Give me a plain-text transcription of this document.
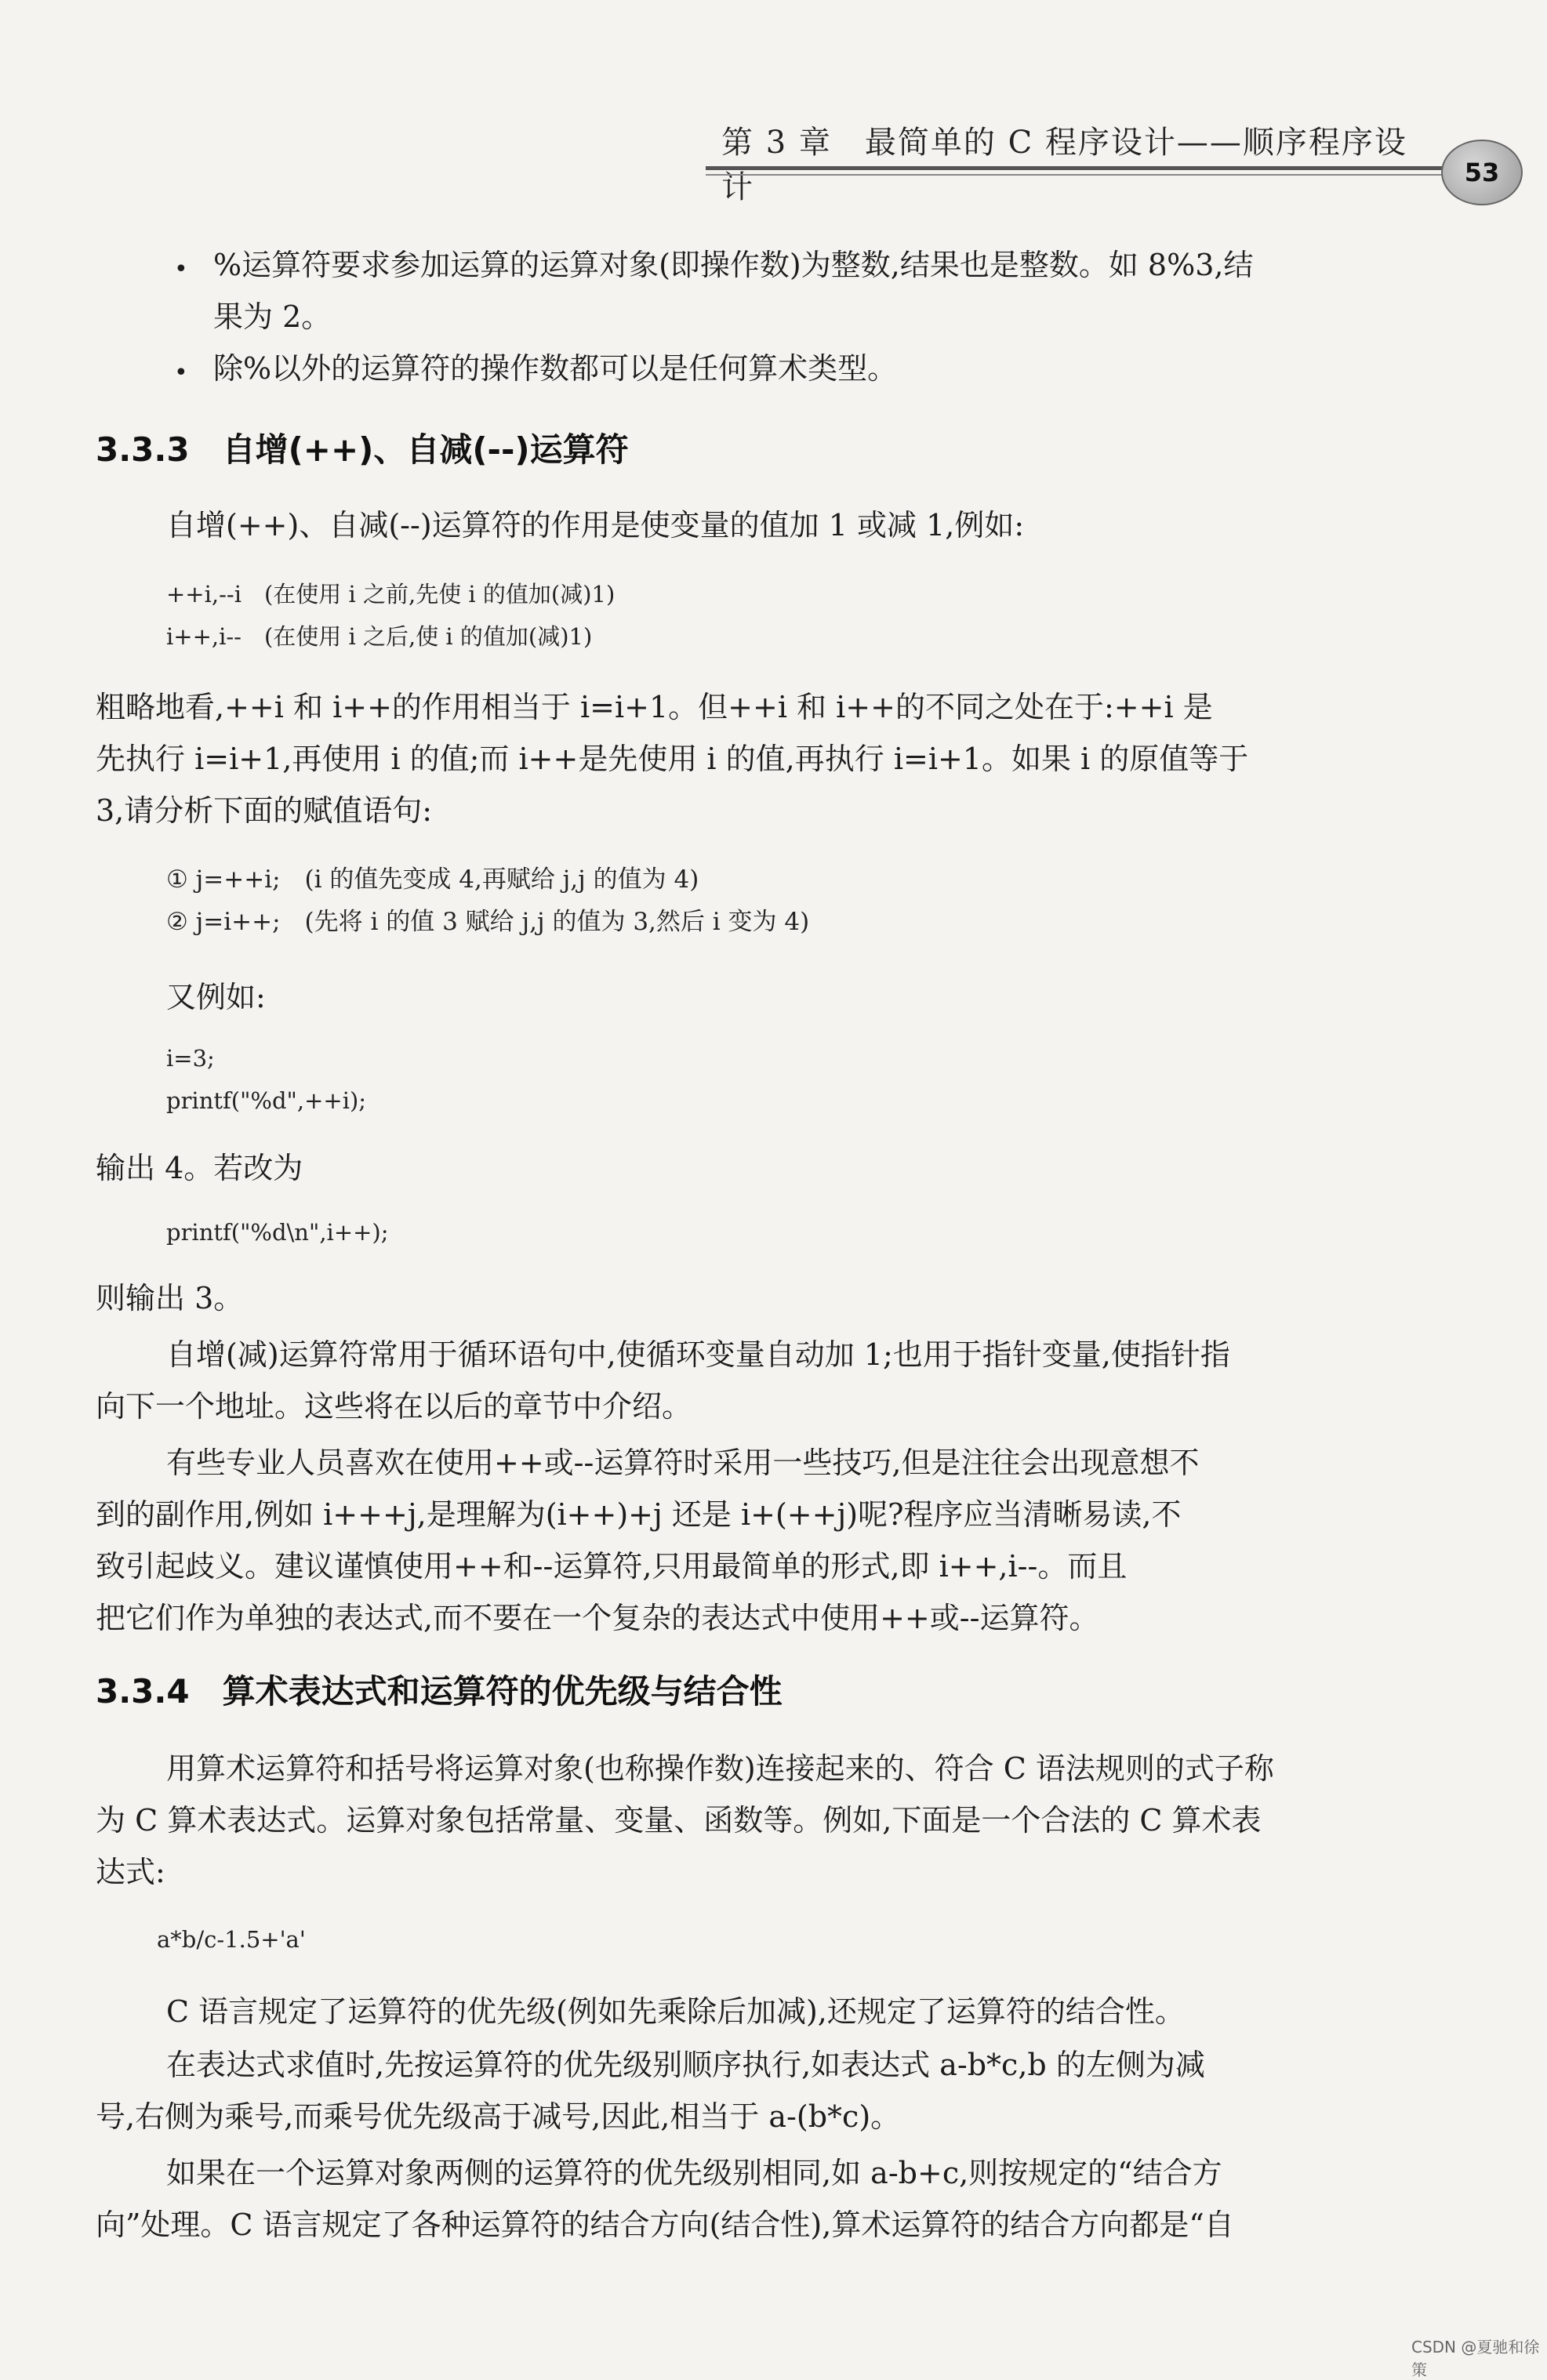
第 3 章　最简单的 C 程序设计——顺序程序设计	53
• %运算符要求参加运算的运算对象(即操作数)为整数,结果也是整数。如 8%3,结
果为 2。
• 除%以外的运算符的操作数都可以是任何算术类型。
3.3.3　自增(++)、自减(--)运算符
自增(++)、自减(--)运算符的作用是使变量的值加 1 或减 1,例如:
++i,--i　(在使用 i 之前,先使 i 的值加(减)1)
i++,i--　(在使用 i 之后,使 i 的值加(减)1)
粗略地看,++i 和 i++的作用相当于 i=i+1。但++i 和 i++的不同之处在于:++i 是
先执行 i=i+1,再使用 i 的值;而 i++是先使用 i 的值,再执行 i=i+1。如果 i 的原值等于
3,请分析下面的赋值语句:
① j=++i;　(i 的值先变成 4,再赋给 j,j 的值为 4)
② j=i++;　(先将 i 的值 3 赋给 j,j 的值为 3,然后 i 变为 4)
又例如:
i=3;
printf("%d",++i);
输出 4。若改为
printf("%d\n",i++);
则输出 3。
自增(减)运算符常用于循环语句中,使循环变量自动加 1;也用于指针变量,使指针指
向下一个地址。这些将在以后的章节中介绍。
有些专业人员喜欢在使用++或--运算符时采用一些技巧,但是注往会出现意想不
到的副作用,例如 i+++j,是理解为(i++)+j 还是 i+(++j)呢?程序应当清晰易读,不
致引起歧义。建议谨慎使用++和--运算符,只用最简单的形式,即 i++,i--。而且
把它们作为单独的表达式,而不要在一个复杂的表达式中使用++或--运算符。
3.3.4　算术表达式和运算符的优先级与结合性
用算术运算符和括号将运算对象(也称操作数)连接起来的、符合 C 语法规则的式子称
为 C 算术表达式。运算对象包括常量、变量、函数等。例如,下面是一个合法的 C 算术表
达式:
a*b/c-1.5+'a'
C 语言规定了运算符的优先级(例如先乘除后加减),还规定了运算符的结合性。
在表达式求值时,先按运算符的优先级别顺序执行,如表达式 a-b*c,b 的左侧为减
号,右侧为乘号,而乘号优先级高于减号,因此,相当于 a-(b*c)。
如果在一个运算对象两侧的运算符的优先级别相同,如 a-b+c,则按规定的“结合方
向”处理。C 语言规定了各种运算符的结合方向(结合性),算术运算符的结合方向都是“自
CSDN @夏驰和徐策
